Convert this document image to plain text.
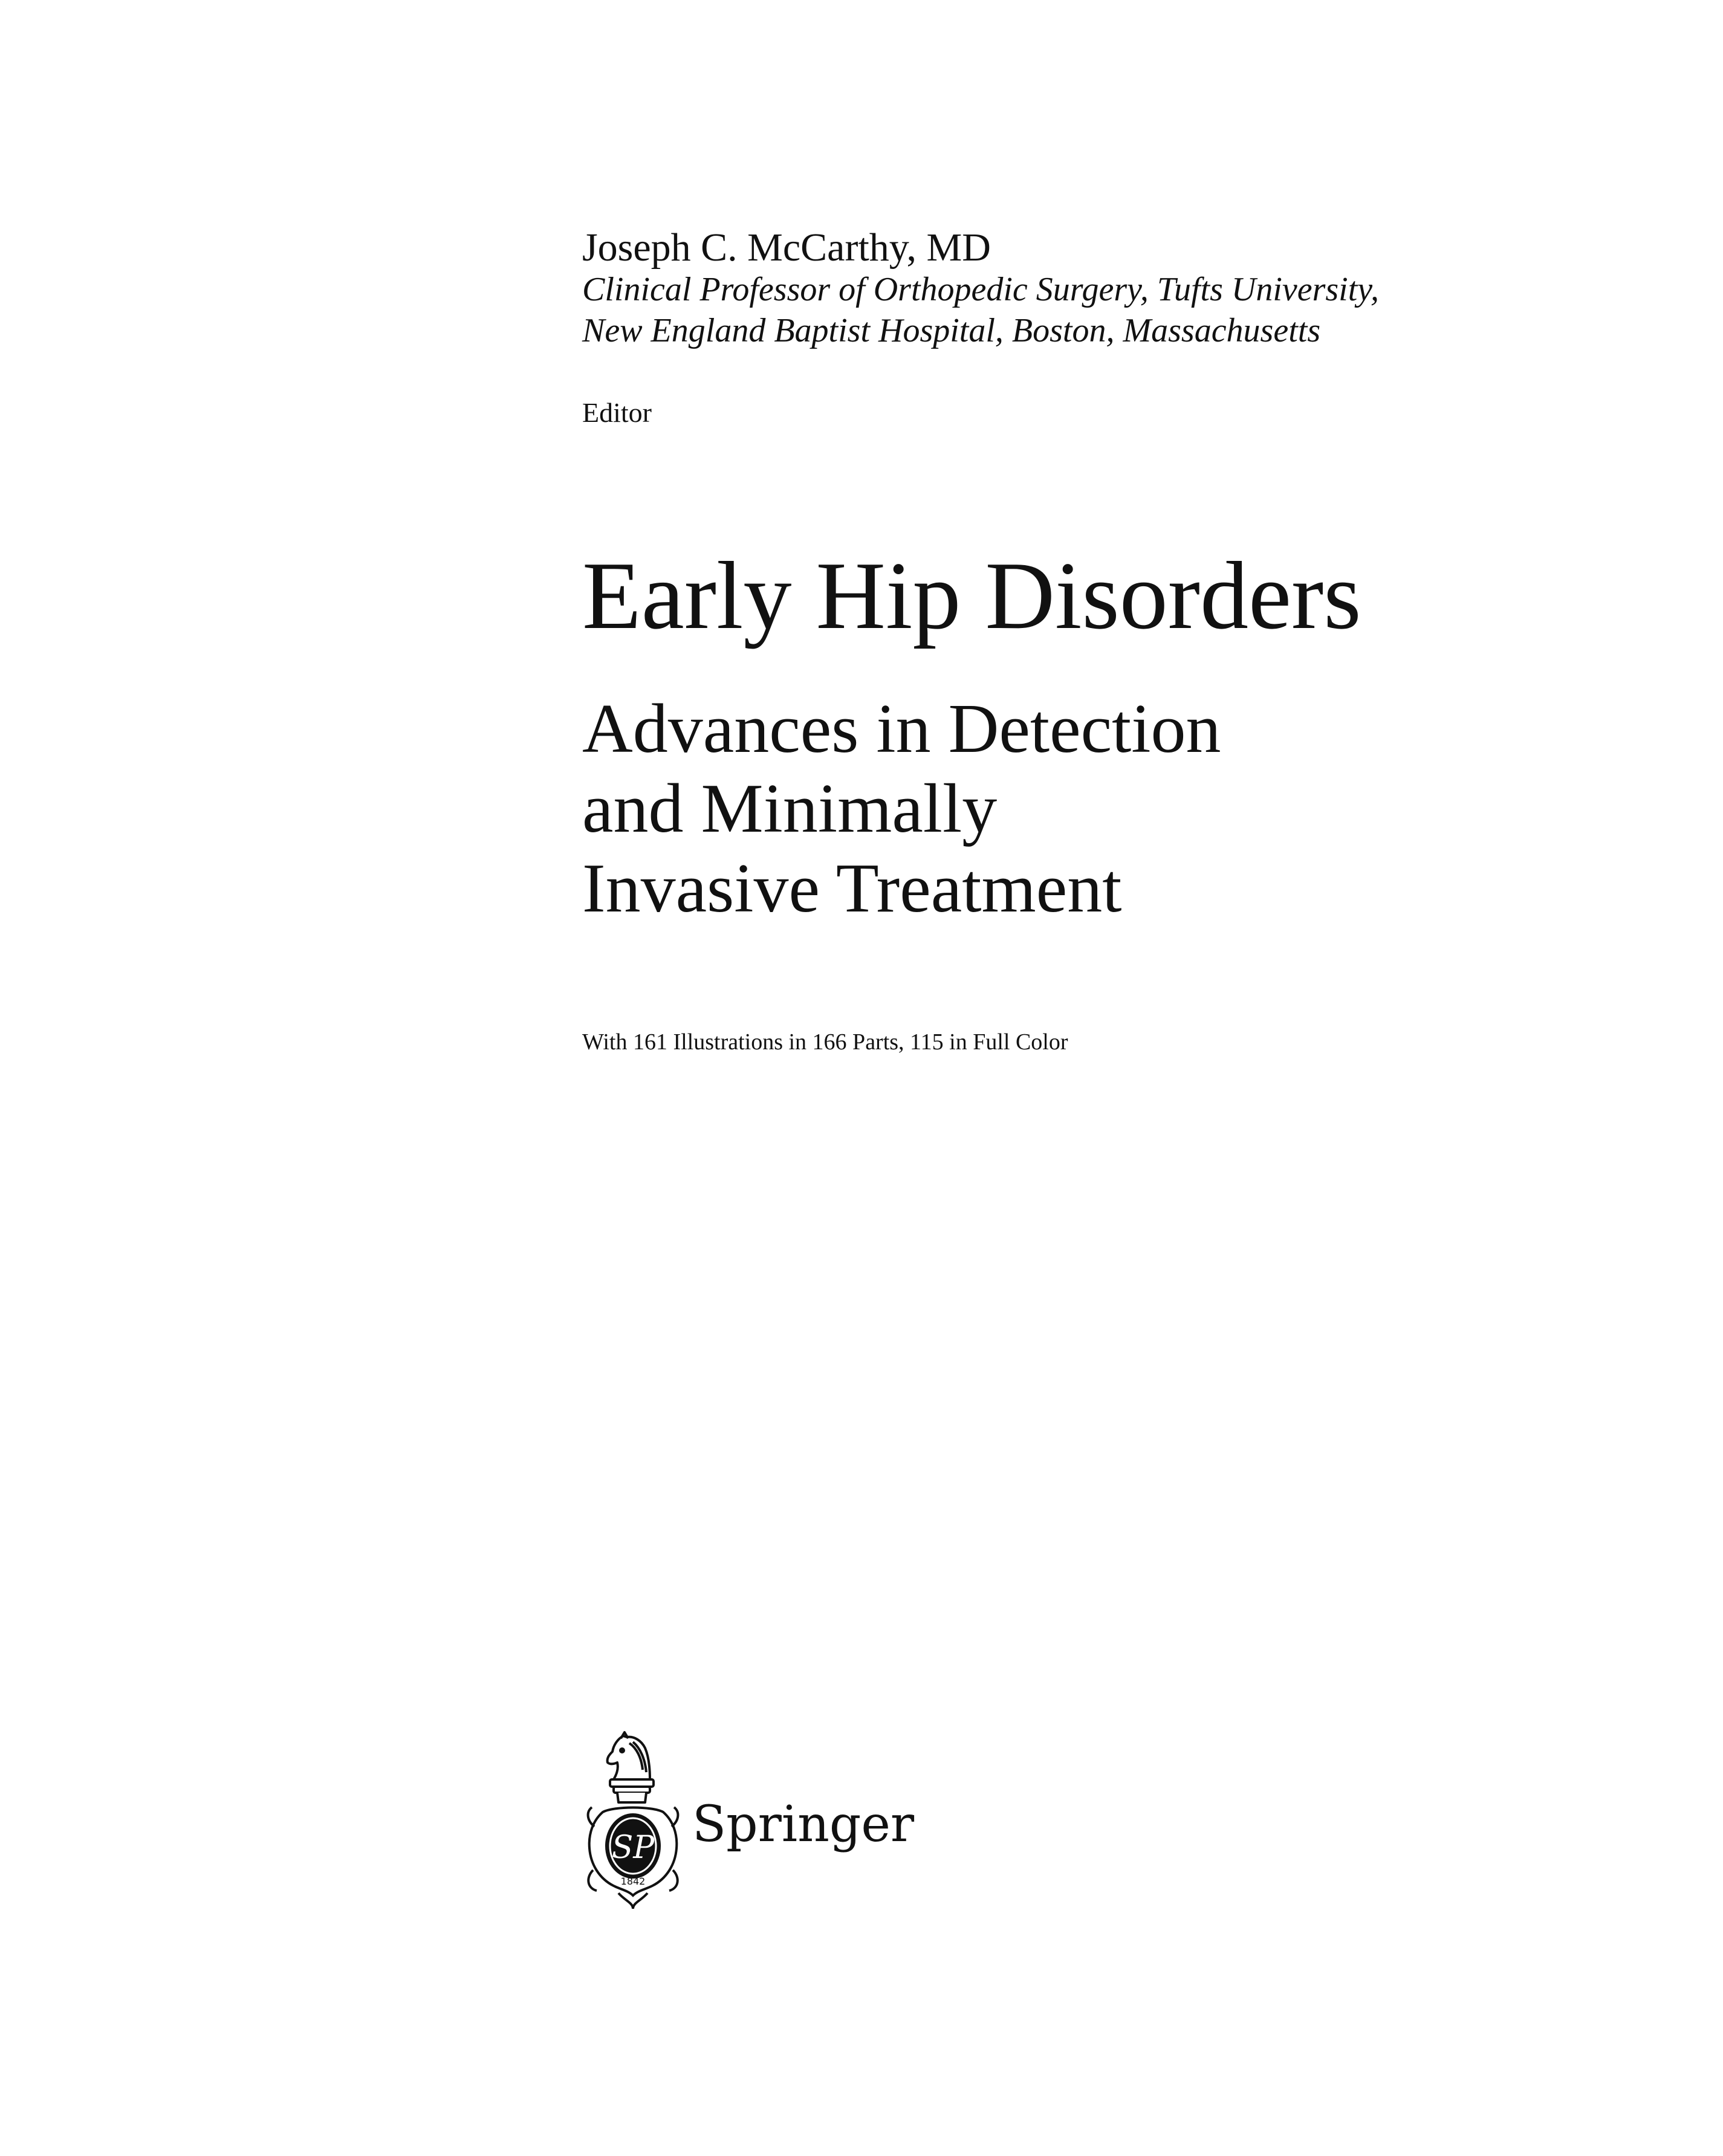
Joseph C. McCarthy, MD
Clinical Professor of Orthopedic Surgery, Tufts University,
New England Baptist Hospital, Boston, Massachusetts
Editor
Early Hip Disorders
Advances in Detection
and Minimally
Invasive Treatment
With 161 Illustrations in 166 Parts, 115 in Full Color
SP
1842
Springer
